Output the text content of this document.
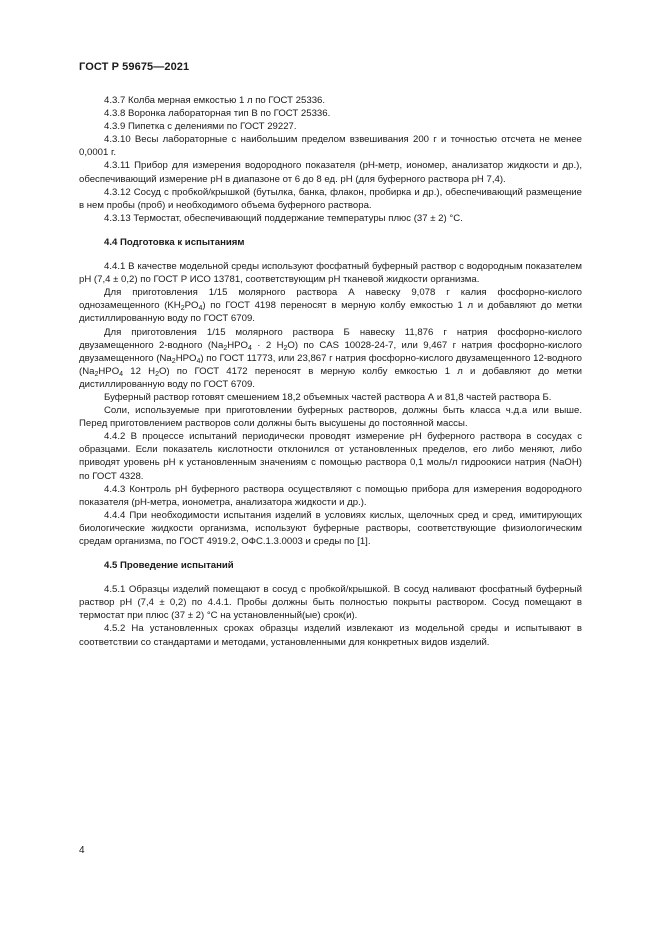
ГОСТ Р 59675—2021

4.3.7 Колба мерная емкостью 1 л по ГОСТ 25336.

4.3.8 Воронка лабораторная тип В по ГОСТ 25336.

4.3.9 Пипетка с делениями по ГОСТ 29227.

4.3.10 Весы лабораторные с наибольшим пределом взвешивания 200 г и точностью отсчета не менее 0,0001 г.

4.3.11 Прибор для измерения водородного показателя (рН-метр, иономер, анализатор жидкости и др.), обеспечивающий измерение рН в диапазоне от 6 до 8 ед. рН (для буферного раствора рН 7,4).

4.3.12 Сосуд с пробкой/крышкой (бутылка, банка, флакон, пробирка и др.), обеспечивающий размещение в нем пробы (проб) и необходимого объема буферного раствора.

4.3.13 Термостат, обеспечивающий поддержание температуры плюс (37 ± 2) °С.

4.4 Подготовка к испытаниям

4.4.1 В качестве модельной среды используют фосфатный буферный раствор с водородным показателем рН (7,4 ± 0,2) по ГОСТ Р ИСО 13781, соответствующим рН тканевой жидкости организма.

Для приготовления 1/15 молярного раствора А навеску 9,078 г калия фосфорно-кислого однозамещенного $(KH_2PO_4)$ по ГОСТ 4198 переносят в мерную колбу емкостью 1 л и добавляют до метки дистиллированную воду по ГОСТ 6709.

Для приготовления 1/15 молярного раствора Б навеску 11,876 г натрия фосфорно-кислого двузамещенного 2-водного ($Na_2HPO_4 \cdot 2$ $H_2O$) по CAS 10028-24-7, или 9,467 г натрия фосфорно-кислого двузамещенного $(Na_2HPO_4)$ по ГОСТ 11773, или 23,867 г натрия фосфорно-кислого двузамещенного 12-водного ($Na_2HPO_4$ 12 $H_2O$) по ГОСТ 4172 переносят в мерную колбу емкостью 1 л и добавляют до метки дистиллированную воду по ГОСТ 6709.

Буферный раствор готовят смешением 18,2 объемных частей раствора А и 81,8 частей раствора Б.

Соли, используемые при приготовлении буферных растворов, должны быть класса ч.д.а или выше. Перед приготовлением растворов соли должны быть высушены до постоянной массы.

4.4.2 В процессе испытаний периодически проводят измерение рН буферного раствора в сосудах с образцами. Если показатель кислотности отклонился от установленных пределов, его либо меняют, либо приводят уровень рН к установленным значениям с помощью раствора 0,1 моль/л гидроокиси натрия (NaOH) по ГОСТ 4328.

4.4.3 Контроль рН буферного раствора осуществляют с помощью прибора для измерения водородного показателя (рН-метра, ионометра, анализатора жидкости и др.).

4.4.4 При необходимости испытания изделий в условиях кислых, щелочных сред и сред, имитирующих биологические жидкости организма, используют буферные растворы, соответствующие физиологическим средам организма, по ГОСТ 4919.2, ОФС.1.3.0003 и среды по [1].

4.5 Проведение испытаний

4.5.1 Образцы изделий помещают в сосуд с пробкой/крышкой. В сосуд наливают фосфатный буферный раствор рН (7,4 ± 0,2) по 4.4.1. Пробы должны быть полностью покрыты раствором. Сосуд помещают в термостат при плюс (37 ± 2) °С на установленный(ые) срок(и).

4.5.2 На установленных сроках образцы изделий извлекают из модельной среды и испытывают в соответствии со стандартами и методами, установленными для конкретных видов изделий.

4
